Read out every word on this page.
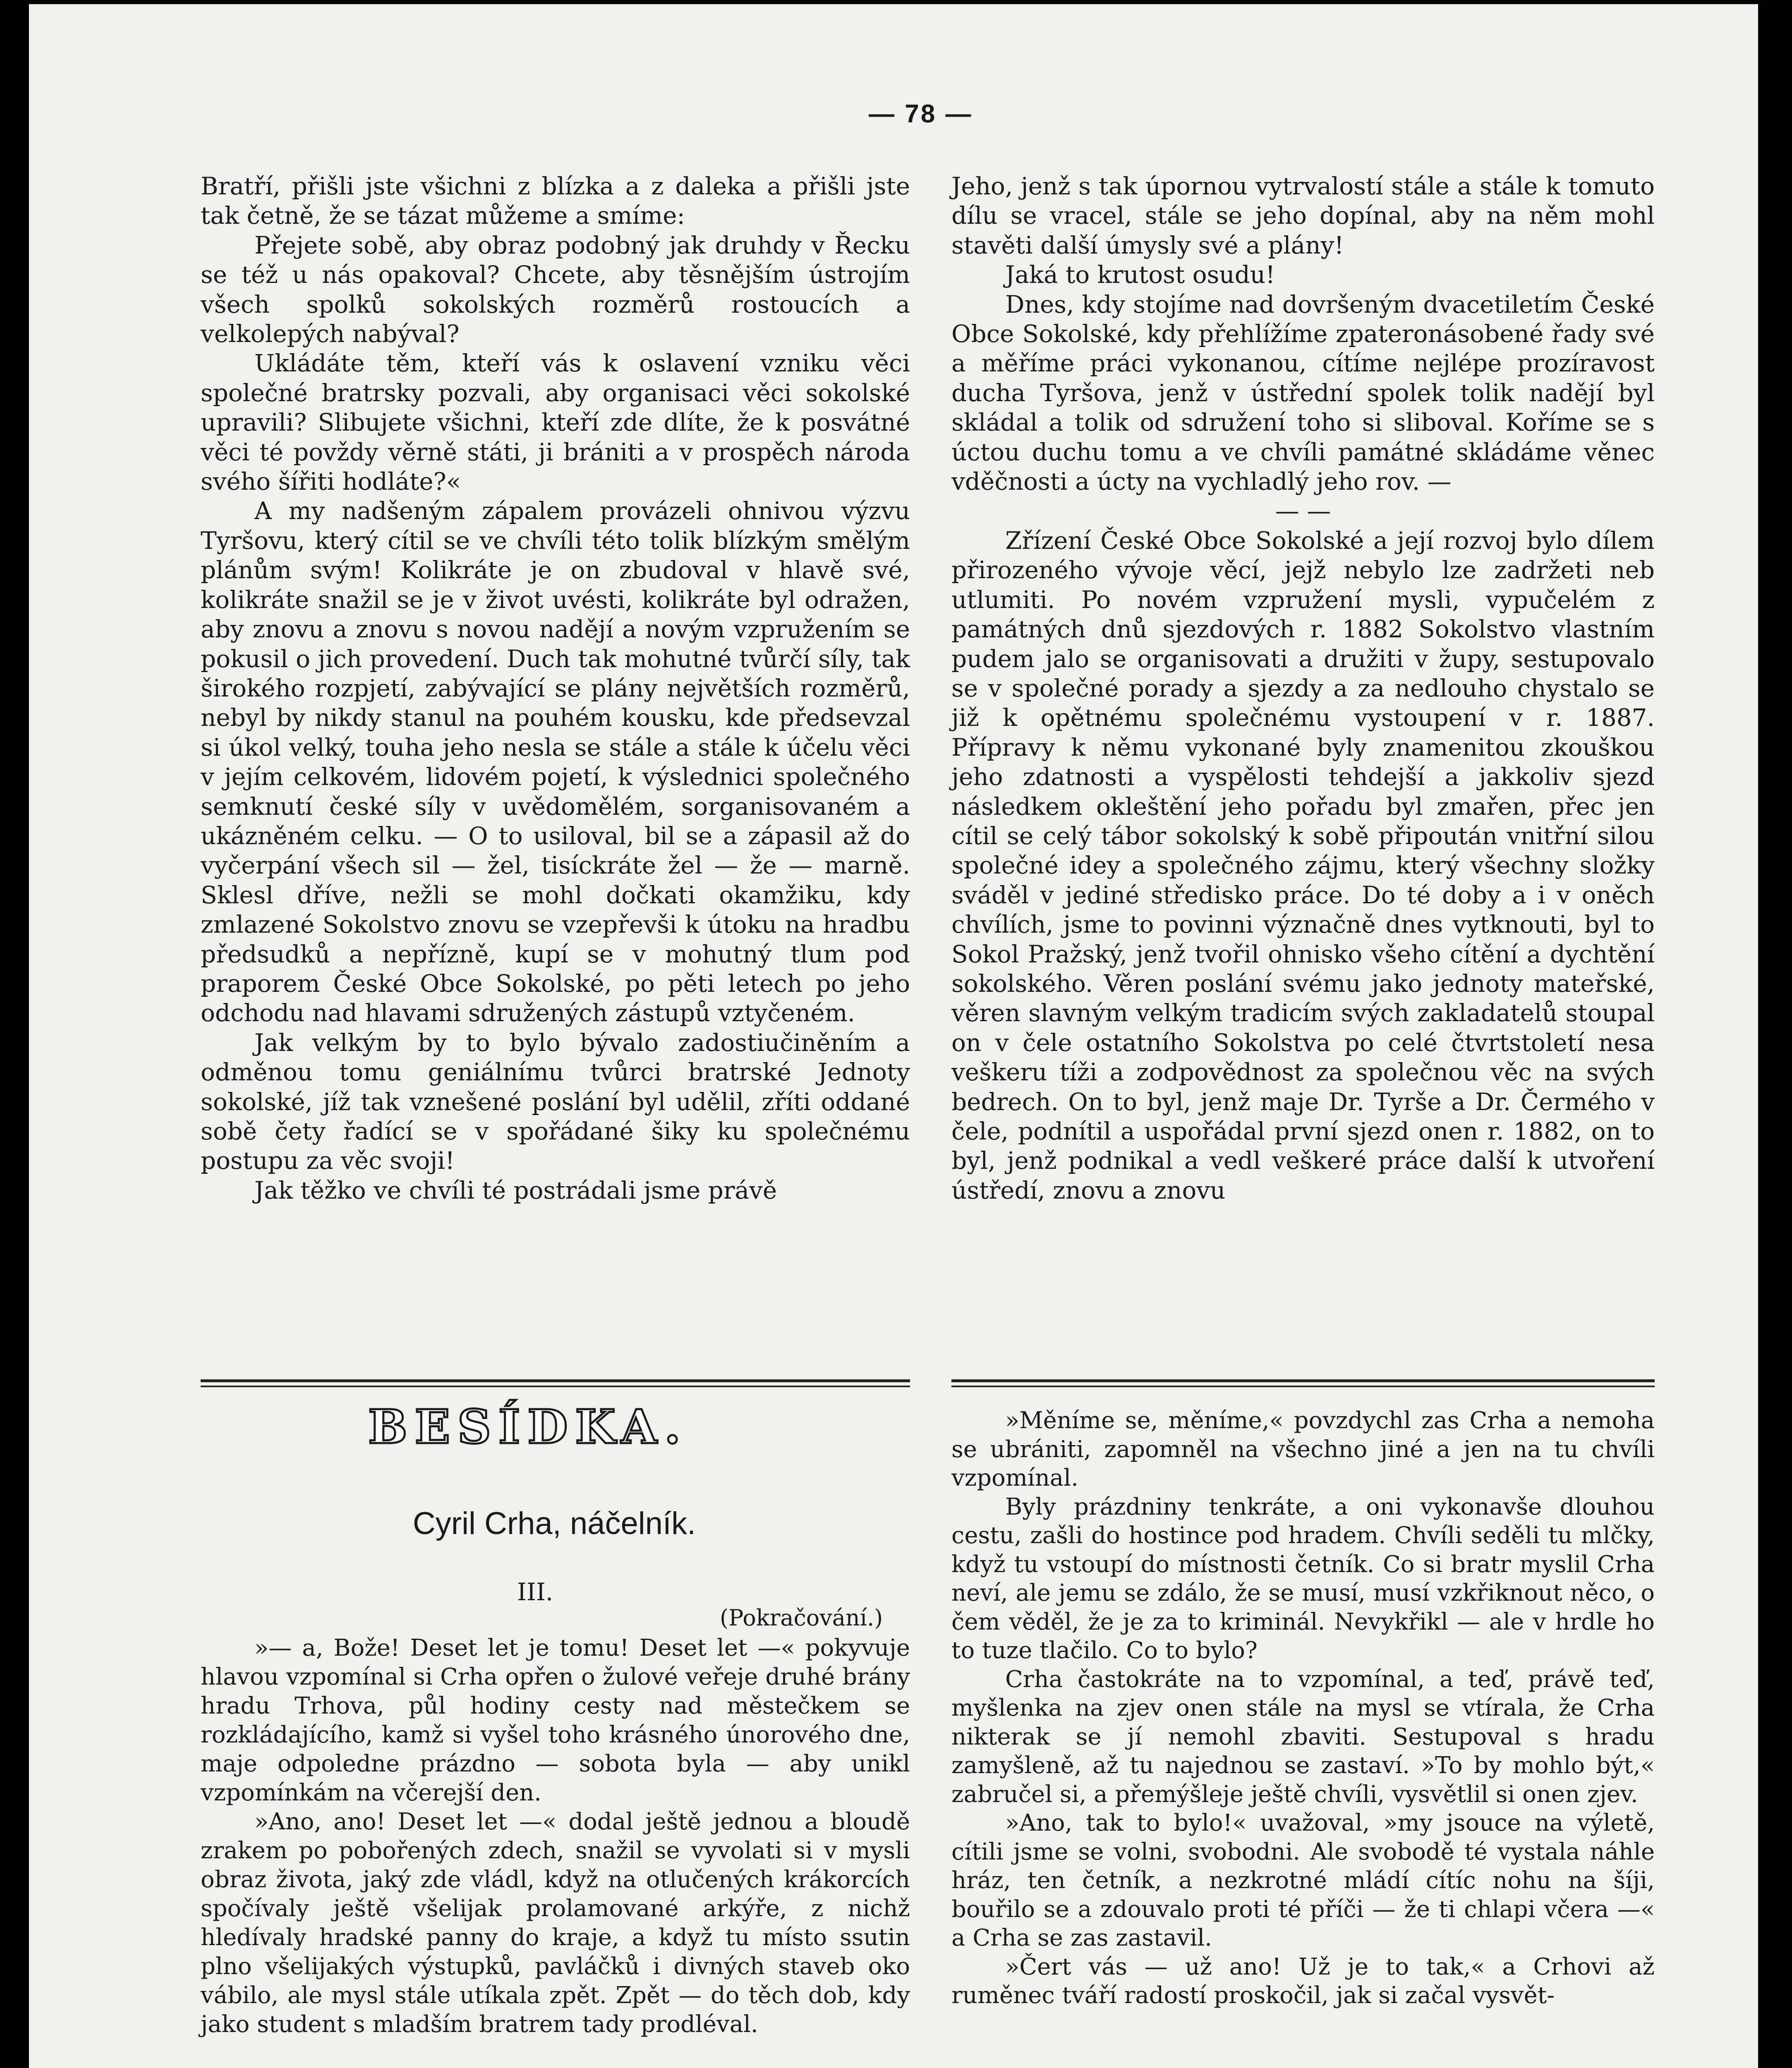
— 78 —

Bratří, přišli jste všichni z blízka a z daleka a přišli jste tak četně, že se tázat můžeme a smíme:

Přejete sobě, aby obraz podobný jak druhdy v Řecku se též u nás opakoval? Chcete, aby těsnějším ústrojím všech spolků sokolských rozměrů rostoucích a velkolepých nabýval?

Ukládáte těm, kteří vás k oslavení vzniku věci společné bratrsky pozvali, aby organisaci věci sokolské upravili? Slibujete všichni, kteří zde dlíte, že k posvátné věci té povždy věrně státi, ji brániti a v prospěch národa svého šířiti hodláte?«

A my nadšeným zápalem provázeli ohnivou výzvu Tyršovu, který cítil se ve chvíli této tolik blízkým smělým plánům svým! Kolikráte je on zbudoval v hlavě své, kolikráte snažil se je v život uvésti, kolikráte byl odražen, aby znovu a znovu s novou nadějí a novým vzpružením se pokusil o jich provedení. Duch tak mohutné tvůrčí síly, tak širokého rozpjetí, zabývající se plány největších rozměrů, nebyl by nikdy stanul na pouhém kousku, kde předsevzal si úkol velký, touha jeho nesla se stále a stále k účelu věci v jejím celkovém, lidovém pojetí, k výslednici společného semknutí české síly v uvědomělém, sorganisovaném a ukázněném celku. — O to usiloval, bil se a zápasil až do vyčerpání všech sil — žel, tisíckráte žel — že — marně. Sklesl dříve, nežli se mohl dočkati okamžiku, kdy zmlazené Sokolstvo znovu se vzepřevši k útoku na hradbu předsudků a nepřízně, kupí se v mohutný tlum pod praporem České Obce Sokolské, po pěti letech po jeho odchodu nad hlavami sdružených zástupů vztyčeném.

Jak velkým by to bylo bývalo zadostiučiněním a odměnou tomu geniálnímu tvůrci bratrské Jednoty sokolské, jíž tak vznešené poslání byl udělil, zříti oddané sobě čety řadící se v spořádané šiky ku společnému postupu za věc svoji!

Jak těžko ve chvíli té postrádali jsme právě

Jeho, jenž s tak úpornou vytrvalostí stále a stále k tomuto dílu se vracel, stále se jeho dopínal, aby na něm mohl stavěti další úmysly své a plány!

Jaká to krutost osudu!

Dnes, kdy stojíme nad dovršeným dvacetiletím České Obce Sokolské, kdy přehlížíme zpateronásobené řady své a měříme práci vykonanou, cítíme nejlépe prozíravost ducha Tyršova, jenž v ústřední spolek tolik nadějí byl skládal a tolik od sdružení toho si sliboval. Koříme se s úctou duchu tomu a ve chvíli památné skládáme věnec vděčnosti a úcty na vychladlý jeho rov. —

— —

Zřízení České Obce Sokolské a její rozvoj bylo dílem přirozeného vývoje věcí, jejž nebylo lze zadržeti neb utlumiti. Po novém vzpružení mysli, vypučelém z památných dnů sjezdových r. 1882 Sokolstvo vlastním pudem jalo se organisovati a družiti v župy, sestupovalo se v společné porady a sjezdy a za nedlouho chystalo se již k opětnému společnému vystoupení v r. 1887. Přípravy k němu vykonané byly znamenitou zkouškou jeho zdatnosti a vyspělosti tehdejší a jakkoliv sjezd následkem okleštění jeho pořadu byl zmařen, přec jen cítil se celý tábor sokolský k sobě připoután vnitřní silou společné idey a společného zájmu, který všechny složky sváděl v jediné středisko práce. Do té doby a i v oněch chvílích, jsme to povinni význačně dnes vytknouti, byl to Sokol Pražský, jenž tvořil ohnisko všeho cítění a dychtění sokolského. Věren poslání svému jako jednoty mateřské, věren slavným velkým tradicím svých zakladatelů stoupal on v čele ostatního Sokolstva po celé čtvrtstoletí nesa veškeru tíži a zodpovědnost za společnou věc na svých bedrech. On to byl, jenž maje Dr. Tyrše a Dr. Čermého v čele, podnítil a uspořádal první sjezd onen r. 1882, on to byl, jenž podnikal a vedl veškeré práce další k utvoření ústředí, znovu a znovu

BESÍDKA.
Cyril Crha, náčelník.
III.
(Pokračování.)

»— a, Bože! Deset let je tomu! Deset let —« pokyvuje hlavou vzpomínal si Crha opřen o žulové veřeje druhé brány hradu Trhova, půl hodiny cesty nad městečkem se rozkládajícího, kamž si vyšel toho krásného únorového dne, maje odpoledne prázdno — sobota byla — aby unikl vzpomínkám na včerejší den.

»Ano, ano! Deset let —« dodal ještě jednou a bloudě zrakem po pobořených zdech, snažil se vyvolati si v mysli obraz života, jaký zde vládl, když na otlučených krákorcích spočívaly ještě všelijak prolamované arkýře, z nichž hledívaly hradské panny do kraje, a když tu místo ssutin plno všelijakých výstupků, pavláčků i divných staveb oko vábilo, ale mysl stále utíkala zpět. Zpět — do těch dob, kdy jako student s mladším bratrem tady prodléval.

»Měníme se, měníme,« povzdychl zas Crha a nemoha se ubrániti, zapomněl na všechno jiné a jen na tu chvíli vzpomínal.

Byly prázdniny tenkráte, a oni vykonavše dlouhou cestu, zašli do hostince pod hradem. Chvíli seděli tu mlčky, když tu vstoupí do místnosti četník. Co si bratr myslil Crha neví, ale jemu se zdálo, že se musí, musí vzkřiknout něco, o čem věděl, že je za to kriminál. Nevykřikl — ale v hrdle ho to tuze tlačilo. Co to bylo?

Crha častokráte na to vzpomínal, a teď, právě teď, myšlenka na zjev onen stále na mysl se vtírala, že Crha nikterak se jí nemohl zbaviti. Sestupoval s hradu zamyšleně, až tu najednou se zastaví. »To by mohlo být,« zabručel si, a přemýšleje ještě chvíli, vysvětlil si onen zjev.

»Ano, tak to bylo!« uvažoval, »my jsouce na výletě, cítili jsme se volni, svobodni. Ale svobodě té vystala náhle hráz, ten četník, a nezkrotné mládí cítíc nohu na šíji, bouřilo se a zdouvalo proti té příči — že ti chlapi včera —« a Crha se zas zastavil.

»Čert vás — už ano! Už je to tak,« a Crhovi až ruměnec tváří radostí proskočil, jak si začal vysvět-
